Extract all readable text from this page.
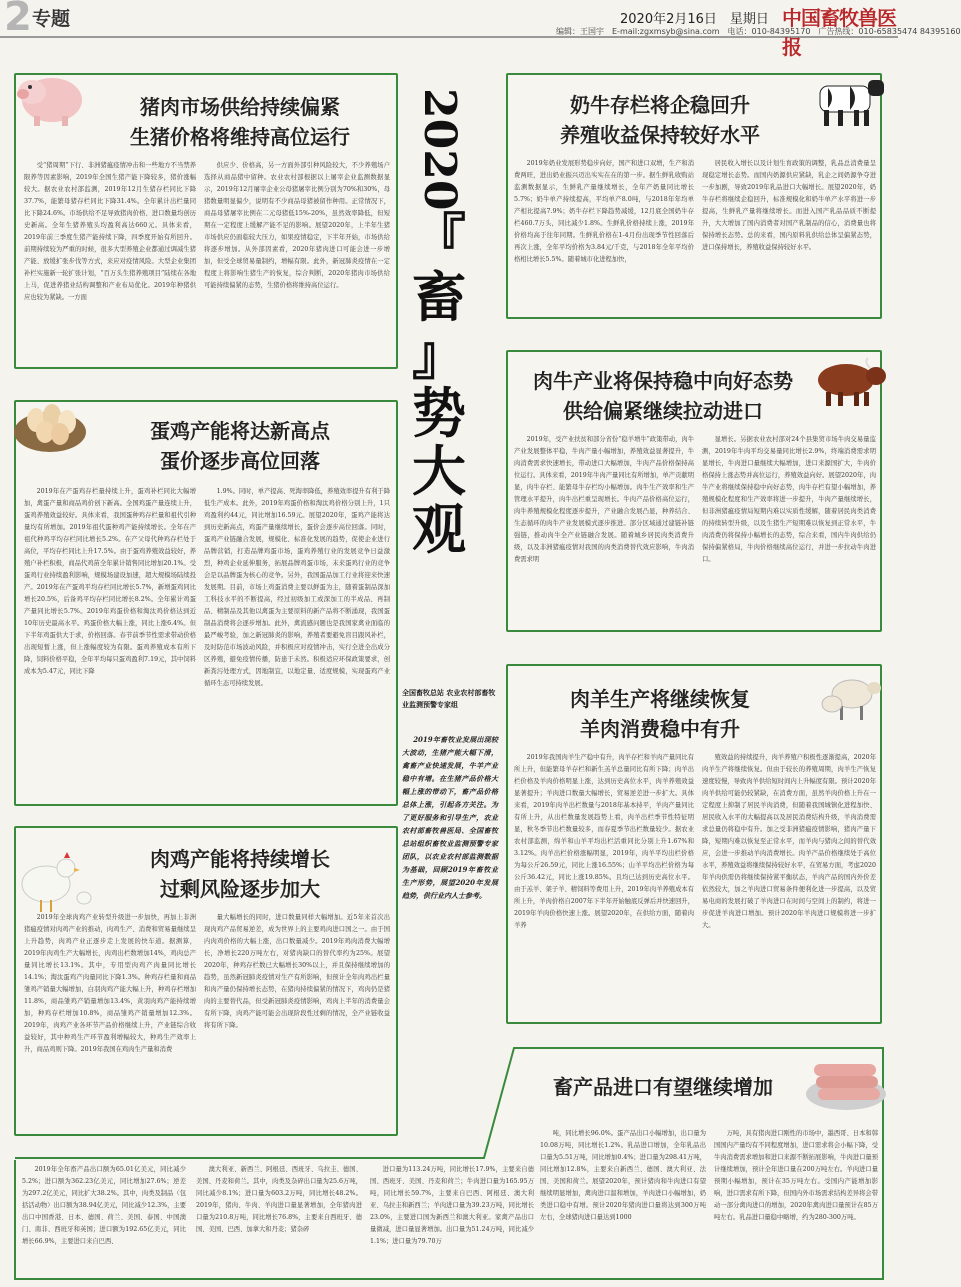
2 专题	2020年2月16日　星期日 中国畜牧兽医报
编辑：王国宇　E-mail:zgxmsyb@sina.com　电话：010-84395170　广告热线：010-65835474 84395160
2020
『
畜
』
势
大
观
全国畜牧总站 农业农村部畜牧业监测预警专家组
2019年畜牧业发展出现较大波动，生猪产能大幅下滑，禽畜产业快速发展，牛羊产业稳中有增。在生猪产品价格大幅上涨的带动下，畜产品价格总体上涨，引起各方关注。为了更好服务和引导生产，农业农村部畜牧兽医局、全国畜牧总站组织畜牧业监测预警专家团队，以农业农村部监测数据为基础，回顾2019年畜牧业生产形势，展望2020年发展趋势，供行业内人士参考。
猪肉市场供给持续偏紧
生猪价格将维持高位运行
受“猪周期”下行、非洲猪瘟疫情冲击和一些地方不当禁养限养等因素影响，2019年全国生猪产能下降较多，猪价涨幅较大。据农业农村部监测，2019年12月生猪存栏同比下降37.7%，能繁母猪存栏同比下降31.4%。全年累计出栏量同比下降24.6%。市场供给不足导致猪肉价格、进口数量均创历史新高。全年生猪养殖头均盈利高达660元。具体来看，2019年前三季度生猪产能持续下降，四季度开始有所回升。前期持续较为严重的时候，很多大型养殖企业都通过调减生猪产能、放缓扩张步伐等方式，来应对疫情风险。大型企业集团补栏实施新一轮扩张计划，“百万头生猪养殖项目”陆续在各地上马，促进养猪业结构调整和产业布局优化。2019年种猪供应也较为紧缺。一方面
供应少、价格高，另一方面外部引种风险较大，不少养殖场户选择从商品猪中留种。农业农村部根据以上屠宰企业监测数据显示，2019年12月屠宰企业公母猪屠宰比例分别为70%和30%，母猪数量明显偏少，说明有不少商品母猪被留作种用。正常情况下，商品母猪屠宰比例在二元母猪低15%-20%，虽然效率降低，但短期在一定程度上缓解产能不足的影响。展望2020年，上半年生猪市场供应仍面临较大压力，如果疫情稳定，下半年开始，市场供给将逐步增加。从外部因素看，2020年猪肉进口可能会进一步增加，但受全球贸易量制约，增幅有限。此外，新冠肺炎疫情在一定程度上将影响生猪生产的恢复，综合判断，2020年猪肉市场供给可能持续偏紧的态势，生猪价格将维持高位运行。
蛋鸡产能将达新高点
蛋价逐步高位回落
2019年在产蛋鸡存栏量持续上升，蛋鸡补栏同比大幅增加，禽蛋产量和商品鸡价创下新高。全国鸡蛋产量连续上升，蛋鸡养殖效益较好。具体来看，我国蛋种鸡存栏量和祖代引种量均有所增加。2019年祖代蛋种鸡产能持续增长。全年在产祖代种鸡平均存栏同比增长5.2%。在产父母代种鸡存栏处于高位，平均存栏同比上升17.5%。由于蛋鸡养殖效益较好，养殖户补栏积极，商品代鸡苗全年累计销售同比增加20.1%。受蛋鸡行业持续盈利影响，规模场建设加速，超大规模场陆续投产。2019年在产蛋鸡平均存栏同比增长5.7%，新增蛋鸡同比增长20.5%，后备鸡平均存栏同比增长8.2%。全年累计鸡蛋产量同比增长5.7%。2019年鸡蛋价格和淘汰鸡价格达到近10年历史最高水平。鸡蛋价格大幅上涨，同比上涨6.4%。但下半年鸡蛋供大于求，价格回落。春节前季节性需求带动价格出现短暂上涨，但上涨幅度较为有限。蛋鸡养殖成本有所下降，饲料价格平稳，全年平均每只蛋鸡盈利7.19元，其中饲料成本为5.47元，同比下降
1.9%。同时，单产提高、死淘率降低，养殖效率提升有利于降低生产成本。此外，2019年鸡蛋价格和淘汰鸡价格分别上升，1只鸡盈利约44元，同比增加16.59元。展望2020年，蛋鸡产能将达到历史新高点，鸡蛋产量继续增长，蛋价会逐步高位回落。同时，蛋鸡产业链融合发展，规模化、标准化发展的趋势，促使企业进行品牌营销，打造品牌鸡蛋市场，蛋鸡养殖行业的发展竞争日益激烈，种鸡企业延伸服务，拓展品牌鸡蛋市场，未来蛋鸡行业的竞争会是以品牌蛋为核心的竞争。另外，我国蛋品加工行业将迎来快速发展期。目前，市场上鸡蛋消费主要以鲜蛋为主，随着蛋制品深加工科技水平的不断提高，经过初级加工或深加工的半成品、再制品、精制品及其他以禽蛋为主要原料的新产品将不断涌现，我国蛋制品消费将会逐步增加。此外，禽流感问题也是我国家禽业面临的最严峻考验，加之新冠肺炎的影响，养殖者要避免盲目跟风补栏，及时防范市场波动风险，并积极应对疫情冲击，实行全进全出成分区养殖，避免疫情传播，防患于未然。积极适应环保政策要求，创新粪污处理方式，因地制宜，以地定量、适度规模，实现蛋鸡产业循环生态可持续发展。
肉鸡产能将持续增长
过剩风险逐步加大
2019年全球肉鸡产业转型升级进一步加快，再加上非洲猪瘟疫情对肉鸡产业的推动，肉鸡生产、消费和贸易量继续呈上升趋势，肉鸡产业正逐步走上发展的快车道。据测算，2019年肉鸡生产大幅增长，肉鸡出栏数增加14%，鸡肉总产量同比增长13.1%。其中，专用型肉鸡产肉量同比增长14.1%；淘汰蛋鸡产肉量同比下降1.3%。种鸡存栏量和商品雏鸡产销量大幅增加，白羽肉鸡产能大幅上升，种鸡存栏增加11.8%，商品雏鸡产销量增加13.4%，黄羽肉鸡产能持续增加，种鸡存栏增加10.8%，商品雏鸡产销量增加12.3%。2019年，肉鸡产业各环节产品价格继续上升，产业链综合收益较好，其中种鸡生产环节盈利增幅较大，种鸡生产效率上升，商品鸡则下降。2019年我国在鸡肉生产量和消费
量大幅增长的同时，进口数量同样大幅增加。近5年来首次出现肉鸡产品贸易逆差，成为世界上的主要鸡肉进口国之一。由于国内肉鸡价格的大幅上涨，出口数量减少。2019年鸡肉消费大幅增长，净增长220万吨左右，对猪肉缺口的替代率约为25%。展望2020年，种鸡存栏数已大幅增长30%以上，并且保持继续增加的趋势，虽然新冠肺炎疫情对生产有所影响，但预计全年肉鸡出栏量和肉产量仍保持增长态势，在猪肉持续偏紧的情况下，鸡肉仍是猪肉的主要替代品，但受新冠肺炎疫情影响，鸡肉上半年的消费量会有所下降，肉鸡产能可能会出现阶段性过剩的情况，全产业链收益将有所下降。
奶牛存栏将企稳回升
养殖收益保持较好水平
2019年奶业发展形势稳步向好，国产和进口双增，生产和消费两旺，进出奶业振兴迈出实实在在的第一步。据生鲜乳收购站监测数据显示，生鲜乳产量继续增长，全年产奶量同比增长5.7%；奶牛单产持续提高，平均单产8.0吨，与2018年年均单产相比提高7.9%；奶牛存栏下降趋势减缓，12月底全国奶牛存栏460.7万头，同比减少1.8%。生鲜乳价格持续上涨，2019年价格均高于往年同期。生鲜乳价格在1-4月份出现季节性回落后再次上涨，全年平均价格为3.84元/千克，与2018年全年平均价格相比增长5.5%。随着城市化进程加快，
居民收入增长以及计划生育政策的调整，乳品总消费量呈现稳定增长态势。而国内奶源供应紧缺，乳企之间奶源争夺进一步加剧，导致2019年乳品进口大幅增长。展望2020年，奶牛存栏将继续企稳回升，标准规模化和奶牛单产水平将进一步提高，生鲜乳产量将继续增长。而进入国产乳品品质不断提升，大大增加了国内消费者对国产乳制品的信心，消费量也将保持增长态势。总的来看，国内原料乳供给总体呈偏紧态势，进口保持增长，养殖收益保持较好水平。
肉牛产业将保持稳中向好态势
供给偏紧继续拉动进口
2019年，受产业扶贫和部分省份“稳羊增牛”政策带动，肉牛产业发展整体平稳，牛肉产量小幅增加，养殖效益显著提升，牛肉消费需求快速增长，带动进口大幅增加，牛肉产品价格保持高位运行。具体来看，2019年牛肉产量同比有所增加，单产贡献明显，肉牛存栏、能繁母牛存栏均小幅增加。肉牛生产效率和生产管理水平提升，肉牛出栏重呈现增长。牛肉产品价格高位运行，肉牛养殖规模化程度逐步提升，产业融合发展凸显，种养结合、生态循环的肉牛产业发展模式逐步推进。部分区域通过建链补链强链，推动肉牛全产业链融合发展。随着城乡居民肉类消费升级，以及非洲猪瘟疫情对我国的肉类消费替代效应影响，牛肉消费需求明
显增长。另据农业农村部对24个县集贸市场牛肉交易量监测，2019年牛肉平均交易量同比增长2.9%，终端消费需求明显增长，牛肉进口量继续大幅增加，进口来源国扩大，牛肉价格保持上涨态势并高位运行，养殖效益向好。展望2020年，肉牛产业将继续保持稳中向好态势，肉牛存栏有望小幅增加，养殖规模化程度和生产效率将进一步提升，牛肉产量继续增长，但非洲猪瘟疫情局短期内难以实质性缓解，随着居民肉类消费的持续转型升级，以及生猪生产短期难以恢复到正常水平，牛肉消费仍将保持小幅增长的态势，综合来看，国内牛肉供给仍保持偏紧格局，牛肉价格继续高位运行，并进一步拉动牛肉进口。
肉羊生产将继续恢复
羊肉消费稳中有升
2019年我国肉羊生产稳中有升，肉羊存栏和羊肉产量同比有所上升，但能繁母羊存栏和新生羔羊总量同比有所下降；肉羊出栏价格及羊肉价格明显上涨，达到历史高位水平，肉羊养殖效益显著提升；羊肉进口数量大幅增长，贸易逆差进一步扩大。具体来看，2019年肉羊出栏数量与2018年基本持平，羊肉产量同比有所上升，从出栏数量发展趋势上看，肉羊出栏季节性特征明显，秋冬季节出栏数量较多，而春夏季节出栏数量较少。据农业农村部监测，绵羊和山羊平均出栏活重同比分别上升1.67%和3.12%。肉羊出栏价格涨幅明显，2019年，肉羊平均出栏价格为每公斤26.59元，同比上涨16.55%；山羊平均出栏价格为每公斤36.42元，同比上涨19.85%。且均已达到历史高位水平。由于羔羊、架子羊、精饲料等费用上升，2019年肉羊养殖成本有所上升，羊肉价格自2007年下半年开始触底反弹后并快速回升，2019年羊肉价格快速上涨。展望2020年，在供给方面，随着肉羊养
殖效益的持续提升，肉羊养殖户积极性逐渐提高，2020年肉羊生产将继续恢复。但由于较长的养殖周期，肉羊生产恢复速度较慢，导致肉羊供给短时间内上升幅度有限。预计2020年肉羊供给可能仍较紧缺，在消费方面，虽然羊肉价格上升在一定程度上抑制了居民羊肉消费，但随着我国城镇化进程加快、居民收入水平的大幅提高以及居民消费结构升级，羊肉消费需求总量仍将稳中有升。加之受非洲猪瘟疫情影响，猪肉产量下降，短期内难以恢复至正常水平，而羊肉与猪肉之间的替代效应，会进一步推动羊肉消费增长。肉羊产品价格继续处于高位水平，养殖效益将继续保持较好水平，在贸易方面，考虑2020年羊肉供需仍将继续保持紧平衡状态，羊肉产品的国内外价差依然较大，加之羊肉进口贸易条件便利化进一步提高，以及贸易电商的发展打破了羊肉进口在时间与空间上的制约，将进一步促进羊肉进口增加。预计2020年羊肉进口规模将进一步扩大。
畜产品进口有望继续增加
2019年全年畜产品出口额为65.01亿美元，同比减少5.2%；进口额为362.23亿美元，同比增加27.6%；逆差为297.2亿美元，同比扩大38.2%。其中，肉类及制品（包括活动物）出口额为38.94亿美元，同比减少12.3%，主要出口中国香港、日本、德国、荷兰、美国、泰国、中国澳门、南非、西班牙和英国；进口额为192.65亿美元，同比增长66.9%，主要进口来自巴西、
澳大利亚、新西兰、阿根廷、西班牙、乌拉圭、德国、美国、丹麦和荷兰。其中，肉类及杂碎出口量为25.6万吨，同比减少8.1%；进口量为603.2万吨，同比增长48.2%。2019年，猪肉、牛肉、羊肉进口量显著增加，全年猪肉进口量为210.8万吨，同比增长76.8%，主要来自西班牙、德国、美国、巴西、加拿大和丹麦；猪杂碎
进口量为113.24万吨，同比增长17.9%，主要来自德国、西班牙、美国、丹麦和荷兰；牛肉进口量为165.95万吨，同比增长59.7%，主要来自巴西、阿根廷、澳大利亚、乌拉圭和新西兰；羊肉进口量为39.23万吨，同比增长23.0%，主要进口国为新西兰和澳大利亚。家禽产品出口量微减，进口量显著增加。出口量为51.24万吨，同比减少1.1%；进口量为79.70万
吨，同比增长96.0%。蛋产品出口小幅增加，出口量为10.08万吨，同比增长1.2%。乳品进口增加，全年乳品出口量为5.51万吨，同比增加0.4%；进口量为298.41万吨，同比增加12.8%，主要来自新西兰、德国、澳大利亚、法国、美国和荷兰。展望2020年，预计猪肉和牛肉进口有望继续明显增加，禽肉进口温和增加，羊肉进口小幅增加，奶类进口稳中有增。预计2020年猪肉进口量将达到300万吨左右，全球猪肉进口量达到1000
万吨，具有猪肉进口刚性的市场中，墨西哥、日本和韩国国内产量均有不同程度增加，进口需求将会小幅下降，受牛肉消费需求增加和进口来源不断拓展影响，牛肉进口量预计继续增加，预计全年进口量在200万吨左右。羊肉进口量预期小幅增加，预计在35万吨左右。受国内产能增加影响，进口需求有所下降，但国内外市场需求结构差异将会带动一部分禽肉进口的增加，2020年禽肉进口量预计在85万吨左右。乳品进口量稳中略增，约为280-300万吨。
